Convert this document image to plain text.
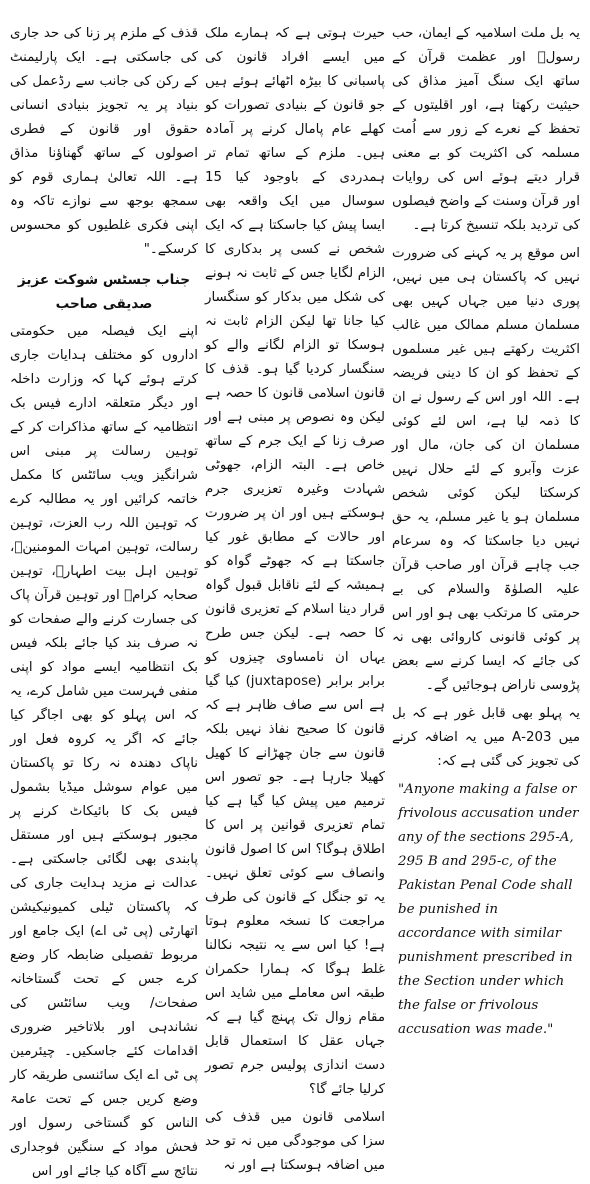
یہ بل ملت اسلامیہ کے ایمان، حب رسولؐ اور عظمت قرآن کے ساتھ ایک سنگ آمیز مذاق کی حیثیت رکھتا ہے، اور اقلیتوں کے تحفظ کے نعرے کے زور سے اُمت مسلمہ کی اکثریت کو بے معنی قرار دیتے ہوئے اس کی روایات اور قرآن وسنت کے واضح فیصلوں کی تردید بلکہ تنسیخ کرتا ہے۔

اس موقع پر یہ کہنے کی ضرورت نہیں کہ پاکستان ہی میں نہیں، پوری دنیا میں جہاں کہیں بھی مسلمان مسلم ممالک میں غالب اکثریت رکھتے ہیں غیر مسلموں کے تحفظ کو ان کا دینی فریضہ ہے۔ اللہ اور اس کے رسول نے ان کا ذمہ لیا ہے، اس لئے کوئی مسلمان ان کی جان، مال اور عزت وآبرو کے لئے حلال نہیں کرسکتا لیکن کوئی شخص مسلمان ہو یا غیر مسلم، یہ حق نہیں دیا جاسکتا کہ وہ سرعام جب چاہے قرآن اور صاحب قرآن علیہ الصلوٰۃ والسلام کی بے حرمتی کا مرتکب بھی ہو اور اس پر کوئی قانونی کاروائی بھی نہ کی جائے کہ ایسا کرنے سے بعض پڑوسی ناراض ہوجائیں گے۔

یہ پہلو بھی قابل غور ہے کہ بل میں 203-A میں یہ اضافہ کرنے کی تجویز کی گئی ہے کہ:

"Anyone making a false or frivolous accusation under any of the sections 295-A, 295 B and 295-c, of the Pakistan Penal Code shall be punished in accordance with similar punishment prescribed in the Section under which the false or frivolous accusation was made."

حیرت ہوتی ہے کہ ہمارے ملک میں ایسے افراد قانون کی پاسبانی کا بیڑہ اٹھائے ہوئے ہیں جو قانون کے بنیادی تصورات کو کھلے عام پامال کرنے پر آمادہ ہیں۔ ملزم کے ساتھ تمام تر ہمدردی کے باوجود کیا 15 سوسال میں ایک واقعہ بھی ایسا پیش کیا جاسکتا ہے کہ ایک شخص نے کسی پر بدکاری کا الزام لگایا جس کے ثابت نہ ہونے کی شکل میں بدکار کو سنگسار کیا جانا تھا لیکن الزام ثابت نہ ہوسکا تو الزام لگانے والے کو سنگسار کردیا گیا ہو۔ قذف کا قانون اسلامی قانون کا حصہ ہے لیکن وہ نصوص پر مبنی ہے اور صرف زنا کے ایک جرم کے ساتھ خاص ہے۔ البتہ الزام، جھوٹی شہادت وغیرہ تعزیری جرم ہوسکتے ہیں اور ان پر ضرورت اور حالات کے مطابق غور کیا جاسکتا ہے کہ جھوٹے گواہ کو ہمیشہ کے لئے ناقابل قبول گواہ قرار دینا اسلام کے تعزیری قانون کا حصہ ہے۔ لیکن جس طرح یہاں ان نامساوی چیزوں کو برابر برابر (juxtapose) کیا گیا ہے اس سے صاف ظاہر ہے کہ قانون کا صحیح نفاذ نہیں بلکہ قانون سے جان چھڑانے کا کھیل کھیلا جارہا ہے۔ جو تصور اس ترمیم میں پیش کیا گیا ہے کیا تمام تعزیری قوانین پر اس کا اطلاق ہوگا؟ اس کا اصول قانون وانصاف سے کوئی تعلق نہیں۔ یہ تو جنگل کے قانون کی طرف مراجعت کا نسخہ معلوم ہوتا ہے! کیا اس سے یہ نتیجہ نکالنا غلط ہوگا کہ ہمارا حکمران طبقہ اس معاملے میں شاید اس مقام زوال تک پہنچ گیا ہے کہ جہاں عقل کا استعمال قابل دست اندازی پولیس جرم تصور کرلیا جائے گا؟

اسلامی قانون میں قذف کی سزا کی موجودگی میں نہ تو حد میں اضافہ ہوسکتا ہے اور نہ

قذف کے ملزم پر زنا کی حد جاری کی جاسکتی ہے۔ ایک پارلیمنٹ کے رکن کی جانب سے رڈعمل کی بنیاد پر یہ تجویز بنیادی انسانی حقوق اور قانون کے فطری اصولوں کے ساتھ گھناؤنا مذاق ہے۔ اللہ تعالیٰ ہماری قوم کو سمجھ بوجھ سے نوازے تاکہ وہ اپنی فکری غلطیوں کو محسوس کرسکے۔"

جناب جسٹس شوکت عزیز صدیقی صاحب

اپنے ایک فیصلہ میں حکومتی اداروں کو مختلف ہدایات جاری کرتے ہوئے کہا کہ وزارت داخلہ اور دیگر متعلقہ ادارے فیس بک انتظامیہ کے ساتھ مذاکرات کر کے توہین رسالت پر مبنی اس شرانگیز ویب سائٹس کا مکمل خاتمہ کرائیں اور یہ مطالبہ کرے کہ توہین اللہ رب العزت، توہین رسالت، توہین امہات المومنینؓ، توہین اہل بیت اطہارؓ، توہین صحابہ کرامؓ اور توہین قرآن پاک کی جسارت کرنے والے صفحات کو نہ صرف بند کیا جائے بلکہ فیس بک انتظامیہ ایسے مواد کو اپنی منفی فہرست میں شامل کرے، یہ کہ اس پہلو کو بھی اجاگر کیا جائے کہ اگر یہ کروہ فعل اور ناپاک دھندہ نہ رکا تو پاکستان میں عوام سوشل میڈیا بشمول فیس بک کا بائیکاٹ کرنے پر مجبور ہوسکتے ہیں اور مستقل پابندی بھی لگائی جاسکتی ہے۔ عدالت نے مزید ہدایت جاری کی کہ پاکستان ٹیلی کمیونیکیشن اتھارٹی (پی ٹی اے) ایک جامع اور مربوط تفصیلی ضابطہ کار وضع کرے جس کے تحت گستاخانہ صفحات/ ویب سائٹس کی نشاندہی اور بلاتاخیر ضروری اقدامات کئے جاسکیں۔ چیئرمین پی ٹی اے ایک سائنسی طریقہ کار وضع کریں جس کے تحت عامۃ الناس کو گستاخی رسول اور فحش مواد کے سنگین فوجداری نتائج سے آگاہ کیا جائے اور اس
